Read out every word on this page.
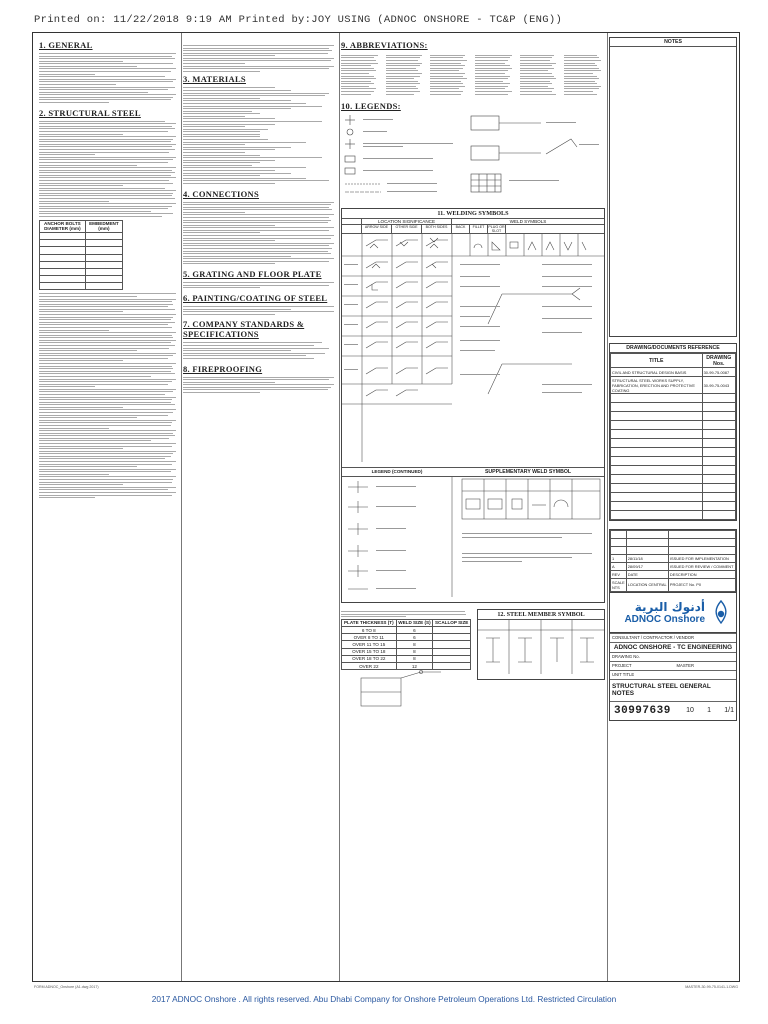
Printed on: 11/22/2018 9:19 AM Printed by:JOY USING (ADNOC ONSHORE - TC&P (ENG))
1. GENERAL
2. STRUCTURAL STEEL
ANCHOR BOLTS DIAMETER (mm)	EMBEDMENT (mm)

3. MATERIALS
4. CONNECTIONS
5. GRATING AND FLOOR PLATE
6. PAINTING/COATING OF STEEL
7. COMPANY STANDARDS & SPECIFICATIONS
8. FIREPROOFING
9. ABBREVIATIONS:
10. LEGENDS:
11. WELDING SYMBOLS
LOCATION SIGNIFICANCE	WELD SYMBOLS
ARROW SIDE	OTHER SIDE	BOTH SIDES	BACK	FILLET	PLUG OR SLOT
LEGEND (CONTINUED)	SUPPLEMENTARY WELD SYMBOL
PLATE THICKNESS (T)	WELD SIZE (S)	SCALLOP SIZE
6 TO 8	6	
OVER 8 TO 11	6	
OVER 11 TO 15	8	
OVER 15 TO 18	8	
OVER 18 TO 22	8	
OVER 22	12	
12. STEEL MEMBER SYMBOL
NOTES
DRAWING/DOCUMENTS REFERENCE
TITLE	DRAWING Nos.
CIVIL AND STRUCTURAL DESIGN BASIS	30-99-75-0087
STRUCTURAL STEEL WORKS SUPPLY, FABRICATION, ERECTION AND PROTECTIVE COATING	30-99-75-0043

1	28/11/18	ISSUED FOR IMPLEMENTATION
A	28/09/17	ISSUED FOR REVIEW / COMMENT
REV	DATE	DESCRIPTION
SCALE NTS	LOCATION CENTRAL	PROJECT No. P0
أدنوك البرية
ADNOC Onshore
CONSULTANT / CONTRACTOR / VENDOR
ADNOC ONSHORE - TC ENGINEERING
DRAWING No.
PROJECT	MASTER
UNIT TITLE
STRUCTURAL STEEL GENERAL NOTES
30997639 10 1 1/1
FORM ADNOC_Onshore (A1.dwg 2017)	MASTER-30-99-75-0141-1.DWG
2017 ADNOC Onshore . All rights reserved. Abu Dhabi Company for Onshore Petroleum Operations Ltd. Restricted Circulation
